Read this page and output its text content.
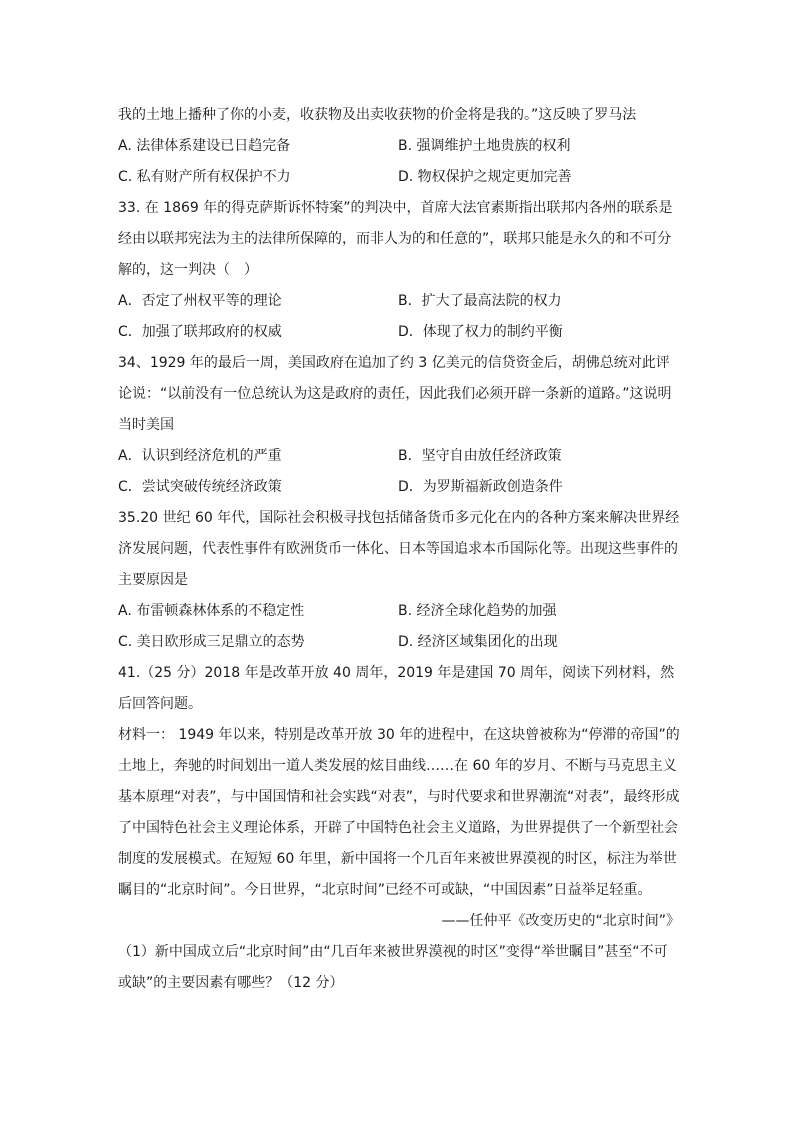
我的土地上播种了你的小麦，收获物及出卖收获物的价金将是我的。”这反映了罗马法
A. 法律体系建设已日趋完备	B. 强调维护土地贵族的权利
C. 私有财产所有权保护不力	D. 物权保护之规定更加完善
33. 在 1869 年的得克萨斯诉怀特案”的判决中，首席大法官素斯指出联邦内各州的联系是经由以联邦宪法为主的法律所保障的，而非人为的和任意的”，联邦只能是永久的和不可分解的，这一判决（　）
A．否定了州权平等的理论	B．扩大了最高法院的权力
C．加强了联邦政府的权威	D．体现了权力的制约平衡
34、1929 年的最后一周，美国政府在追加了约 3 亿美元的信贷资金后，胡佛总统对此评论说：“以前没有一位总统认为这是政府的责任，因此我们必须开辟一条新的道路。”这说明当时美国
A．认识到经济危机的严重	B．坚守自由放任经济政策
C．尝试突破传统经济政策	D．为罗斯福新政创造条件
35.20 世纪 60 年代，国际社会积极寻找包括储备货币多元化在内的各种方案来解决世界经济发展问题，代表性事件有欧洲货币一体化、日本等国追求本币国际化等。出现这些事件的主要原因是
A. 布雷顿森林体系的不稳定性	B. 经济全球化趋势的加强
C. 美日欧形成三足鼎立的态势	D. 经济区域集团化的出现
41.（25 分）2018 年是改革开放 40 周年，2019 年是建国 70 周年，阅读下列材料，然后回答问题。
材料一： 1949 年以来，特别是改革开放 30 年的进程中，在这块曾被称为“停滞的帝国”的土地上，奔驰的时间划出一道人类发展的炫目曲线……在 60 年的岁月、不断与马克思主义基本原理“对表”，与中国国情和社会实践“对表”，与时代要求和世界潮流“对表”，最终形成了中国特色社会主义理论体系，开辟了中国特色社会主义道路，为世界提供了一个新型社会制度的发展模式。在短短 60 年里，新中国将一个几百年来被世界漠视的时区，标注为举世瞩目的“北京时间”。今日世界，“北京时间”已经不可或缺，“中国因素”日益举足轻重。
——任仲平《改变历史的“北京时间”》
（1）新中国成立后“北京时间”由“几百年来被世界漠视的时区”变得“举世瞩目”甚至“不可或缺”的主要因素有哪些？（12 分）
